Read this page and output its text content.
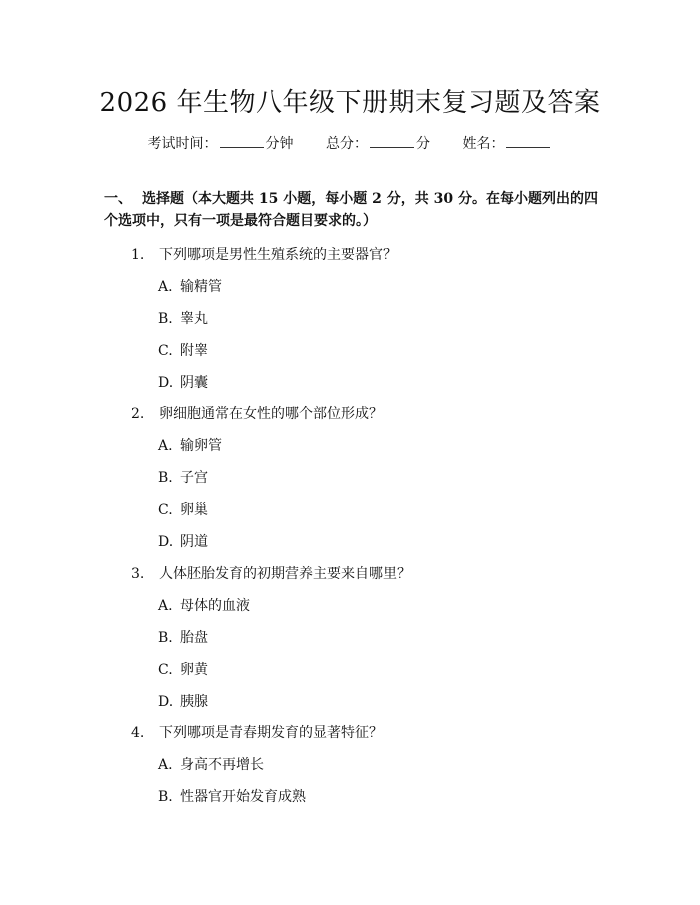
2026 年生物八年级下册期末复习题及答案
考试时间：	分钟 总分：	分 姓名：
一、 选择题（本大题共 15 小题，每小题 2 分，共 30 分。在每小题列出的四个选项中，只有一项是最符合题目要求的。）
1. 下列哪项是男性生殖系统的主要器官？
A. 输精管
B. 睾丸
C. 附睾
D. 阴囊
2. 卵细胞通常在女性的哪个部位形成？
A. 输卵管
B. 子宫
C. 卵巢
D. 阴道
3. 人体胚胎发育的初期营养主要来自哪里？
A. 母体的血液
B. 胎盘
C. 卵黄
D. 胰腺
4. 下列哪项是青春期发育的显著特征？
A. 身高不再增长
B. 性器官开始发育成熟
